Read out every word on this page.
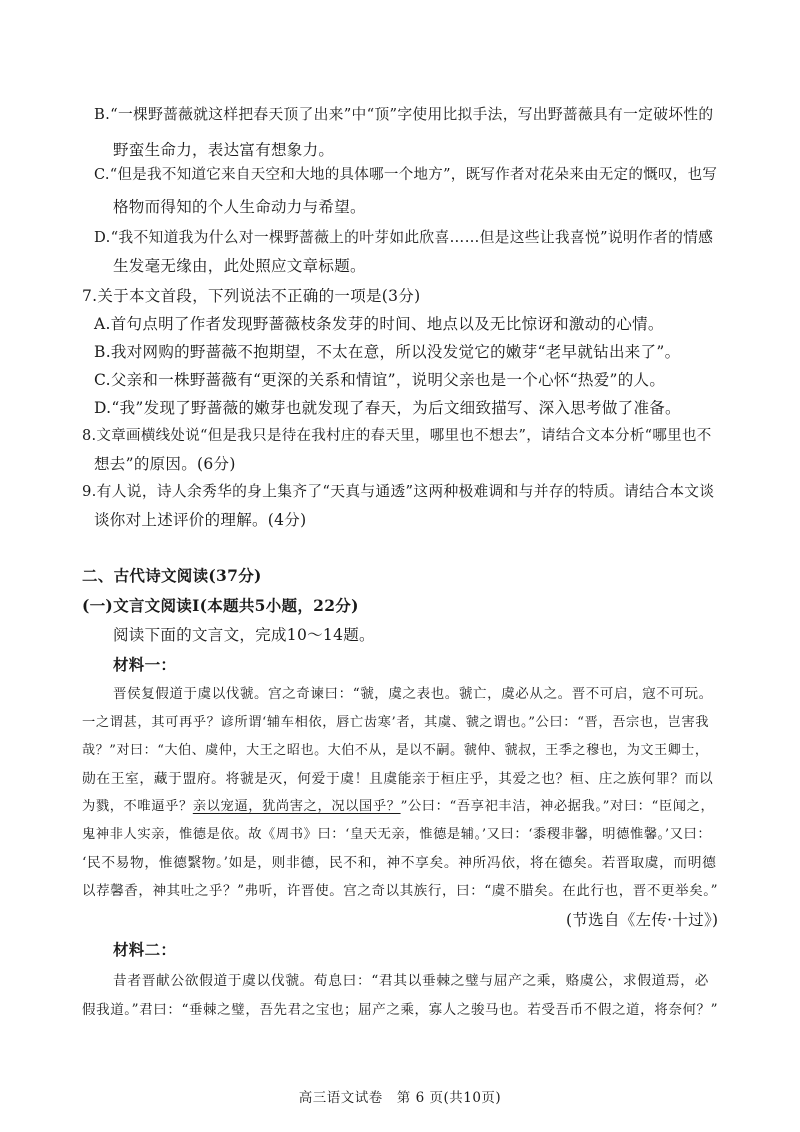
B.“一棵野蔷薇就这样把春天顶了出来”中“顶”字使用比拟手法，写出野蔷薇具有一定破坏性的
野蛮生命力，表达富有想象力。
C.“但是我不知道它来自天空和大地的具体哪一个地方”，既写作者对花朵来由无定的慨叹，也写
格物而得知的个人生命动力与希望。
D.“我不知道我为什么对一棵野蔷薇上的叶芽如此欣喜……但是这些让我喜悦”说明作者的情感
生发毫无缘由，此处照应文章标题。
7.关于本文首段，下列说法不正确的一项是(3分)
A.首句点明了作者发现野蔷薇枝条发芽的时间、地点以及无比惊讶和激动的心情。
B.我对网购的野蔷薇不抱期望，不太在意，所以没发觉它的嫩芽“老早就钻出来了”。
C.父亲和一株野蔷薇有“更深的关系和情谊”，说明父亲也是一个心怀“热爱”的人。
D.“我”发现了野蔷薇的嫩芽也就发现了春天，为后文细致描写、深入思考做了准备。
8.文章画横线处说“但是我只是待在我村庄的春天里，哪里也不想去”，请结合文本分析“哪里也不
想去”的原因。(6分)
9.有人说，诗人余秀华的身上集齐了“天真与通透”这两种极难调和与并存的特质。请结合本文谈
谈你对上述评价的理解。(4分)
二、古代诗文阅读(37分)
(一)文言文阅读Ⅰ(本题共5小题，22分)
阅读下面的文言文，完成10～14题。
材料一：
晋侯复假道于虞以伐虢。宫之奇谏曰：“虢，虞之表也。虢亡，虞必从之。晋不可启，寇不可玩。
一之谓甚，其可再乎？谚所谓‘辅车相依，唇亡齿寒’者，其虞、虢之谓也。”公曰：“晋，吾宗也，岂害我
哉？”对曰：“大伯、虞仲，大王之昭也。大伯不从，是以不嗣。虢仲、虢叔，王季之穆也，为文王卿士，
勋在王室，藏于盟府。将虢是灭，何爱于虞！且虞能亲于桓庄乎，其爱之也？桓、庄之族何罪？而以
为戮，不唯逼乎？亲以宠逼，犹尚害之，况以国乎？”公曰：“吾享祀丰洁，神必据我。”对曰：“臣闻之，
鬼神非人实亲，惟德是依。故《周书》曰：‘皇天无亲，惟德是辅。’又曰：‘黍稷非馨，明德惟馨。’又曰：
‘民不易物，惟德繄物。’如是，则非德，民不和，神不享矣。神所冯依，将在德矣。若晋取虞，而明德
以荐馨香，神其吐之乎？”弗听，许晋使。宫之奇以其族行，曰：“虞不腊矣。在此行也，晋不更举矣。”
(节选自《左传·十过》)
材料二：
昔者晋献公欲假道于虞以伐虢。荀息曰：“君其以垂棘之璧与屈产之乘，赂虞公，求假道焉，必
假我道。”君曰：“垂棘之璧，吾先君之宝也；屈产之乘，寡人之骏马也。若受吾币不假之道，将奈何？”
高三语文试卷　第 6 页(共10页)
